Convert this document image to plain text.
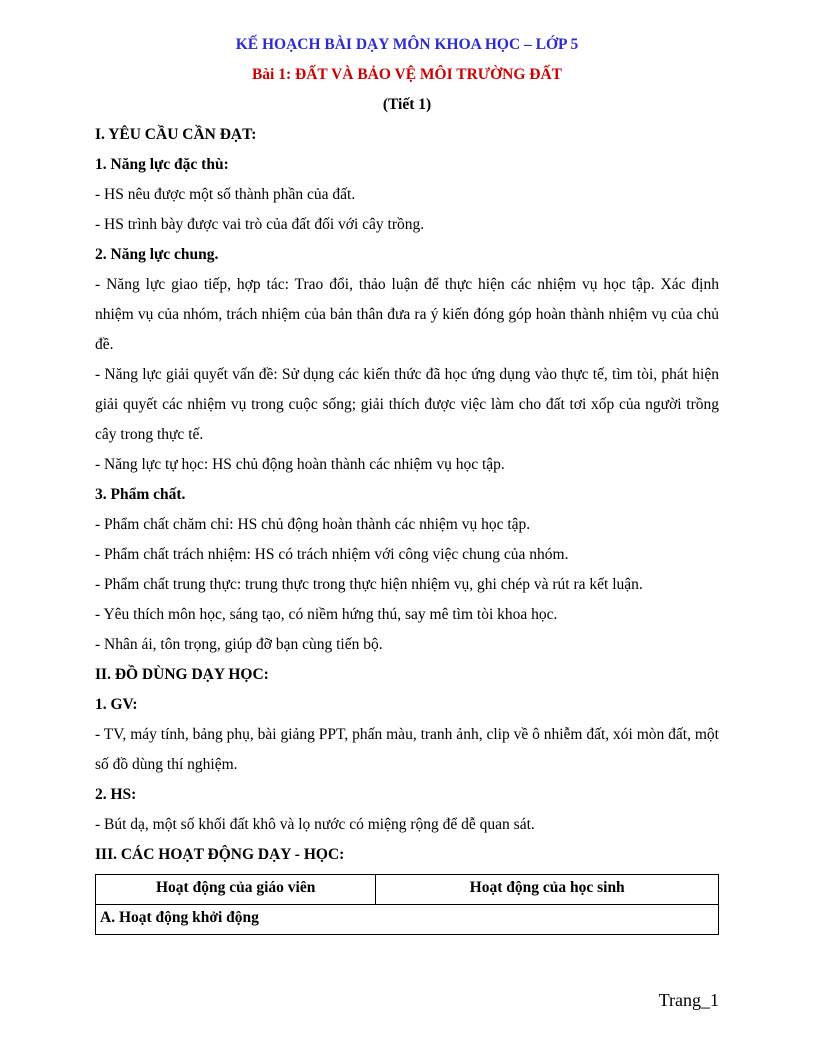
KẾ HOẠCH BÀI DẠY MÔN KHOA HỌC – LỚP 5
Bài 1: ĐẤT VÀ BẢO VỆ MÔI TRƯỜNG ĐẤT
(Tiết 1)
I. YÊU CẦU CẦN ĐẠT:
1. Năng lực đặc thù:
- HS nêu được một số thành phần của đất.
- HS trình bày được vai trò của đất đối với cây trồng.
2. Năng lực chung.
- Năng lực giao tiếp, hợp tác: Trao đổi, thảo luận để thực hiện các nhiệm vụ học tập. Xác định nhiệm vụ của nhóm, trách nhiệm của bản thân đưa ra ý kiến đóng góp hoàn thành nhiệm vụ của chủ đề.
- Năng lực giải quyết vấn đề: Sử dụng các kiến thức đã học ứng dụng vào thực tế, tìm tòi, phát hiện giải quyết các nhiệm vụ trong cuộc sống; giải thích được việc làm cho đất tơi xốp của người trồng cây trong thực tế.
- Năng lực tự học: HS chủ động hoàn thành các nhiệm vụ học tập.
3. Phẩm chất.
- Phẩm chất chăm chỉ: HS chủ động hoàn thành các nhiệm vụ học tập.
- Phẩm chất trách nhiệm: HS có trách nhiệm với công việc chung của nhóm.
- Phẩm chất trung thực: trung thực trong thực hiện nhiệm vụ, ghi chép và rút ra kết luận.
- Yêu thích môn học, sáng tạo, có niềm hứng thú, say mê tìm tòi khoa học.
- Nhân ái, tôn trọng, giúp đỡ bạn cùng tiến bộ.
II. ĐỒ DÙNG DẠY HỌC:
1. GV:
- TV, máy tính, bảng phụ, bài giảng PPT, phấn màu, tranh ảnh, clip về ô nhiễm đất, xói mòn đất, một số đồ dùng thí nghiệm.
2. HS:
- Bút dạ, một số khối đất khô và lọ nước có miệng rộng để dễ quan sát.
III. CÁC HOẠT ĐỘNG DẠY - HỌC:
Hoạt động của giáo viên	Hoạt động của học sinh
A. Hoạt động khởi động
Trang_1
